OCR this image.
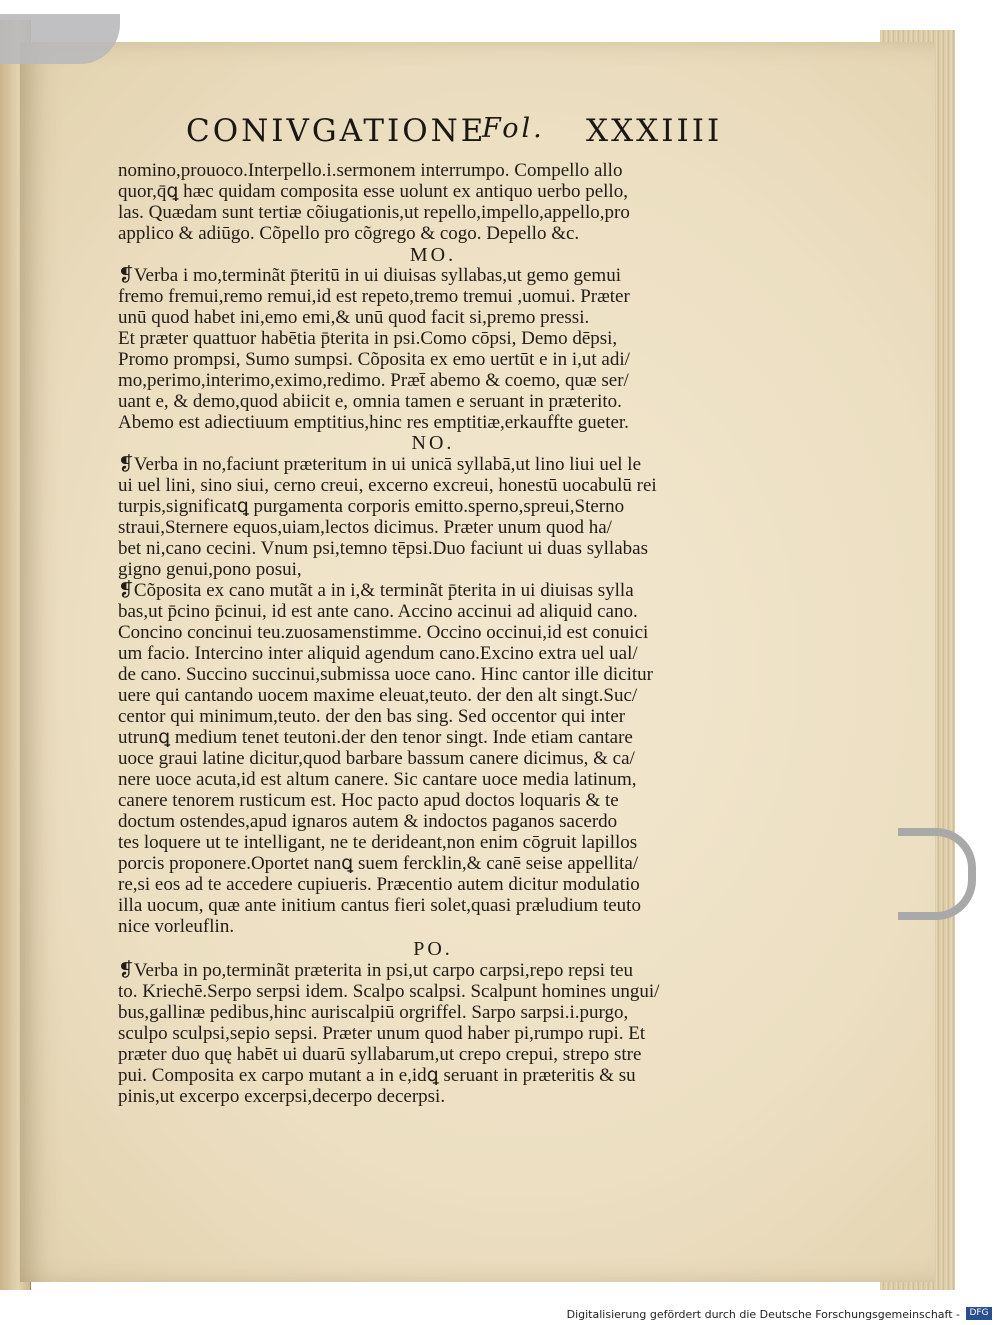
CONIVGATIONE
Fol. XXXIIII
nomino,prouoco.Interpello.i.sermonem interrumpo. Compello allo
quor,q̄ꝗ hæc quidam composita esse uolunt ex antiquo uerbo pello,
las. Quædam sunt tertiæ cõiugationis,ut repello,impello,appello,pro
applico & adiūgo. Cõpello pro cõgrego & cogo. Depello &c.
MO.
❡Verba i mo,terminãt p̄teritū in ui diuisas syllabas,ut gemo gemui
fremo fremui,remo remui,id est repeto,tremo tremui ,uomui. Præter
unū quod habet ini,emo emi,& unū quod facit si,premo pressi.
Et præter quattuor habētia p̄terita in psi.Como cōpsi, Demo dēpsi,
Promo prompsi, Sumo sumpsi. Cõposita ex emo uertūt e in i,ut adi/
mo,perimo,interimo,eximo,redimo. Præt̄ abemo & coemo, quæ ser/
uant e, & demo,quod abiicit e, omnia tamen e seruant in præterito.
Abemo est adiectiuum emptitius,hinc res emptitiæ,erkauffte gueter.
NO.
❡Verba in no,faciunt præteritum in ui unicā syllabā,ut lino liui uel le
ui uel lini, sino siui, cerno creui, excerno excreui, honestū uocabulū rei
turpis,significatꝗ purgamenta corporis emitto.sperno,spreui,Sterno
straui,Sternere equos,uiam,lectos dicimus. Præter unum quod ha/
bet ni,cano cecini. Vnum psi,temno tēpsi.Duo faciunt ui duas syllabas
gigno genui,pono posui,
❡Cõposita ex cano mutãt a in i,& terminãt p̄terita in ui diuisas sylla
bas,ut p̄cino p̄cinui, id est ante cano. Accino accinui ad aliquid cano.
Concino concinui teu.zuosamenstimme. Occino occinui,id est conuici
um facio. Intercino inter aliquid agendum cano.Excino extra uel ual/
de cano. Succino succinui,submissa uoce cano. Hinc cantor ille dicitur
uere qui cantando uocem maxime eleuat,teuto. der den alt singt.Suc/
centor qui minimum,teuto. der den bas sing. Sed occentor qui inter
utrunꝗ medium tenet teutoni.der den tenor singt. Inde etiam cantare
uoce graui latine dicitur,quod barbare bassum canere dicimus, & ca/
nere uoce acuta,id est altum canere. Sic cantare uoce media latinum,
canere tenorem rusticum est. Hoc pacto apud doctos loquaris & te
doctum ostendes,apud ignaros autem & indoctos paganos sacerdo
tes loquere ut te intelligant, ne te derideant,non enim cōgruit lapillos
porcis proponere.Oportet nanꝗ suem fercklin,& canē seise appellita/
re,si eos ad te accedere cupiueris. Præcentio autem dicitur modulatio
illa uocum, quæ ante initium cantus fieri solet,quasi præludium teuto
nice vorleuflin.
PO.
❡Verba in po,terminãt præterita in psi,ut carpo carpsi,repo repsi teu
to. Kriechē.Serpo serpsi idem. Scalpo scalpsi. Scalpunt homines ungui/
bus,gallinæ pedibus,hinc auriscalpiū orgriffel. Sarpo sarpsi.i.purgo,
sculpo sculpsi,sepio sepsi. Præter unum quod haber pi,rumpo rupi. Et
præter duo quę habēt ui duarū syllabarum,ut crepo crepui, strepo stre
pui. Composita ex carpo mutant a in e,idꝗ seruant in præteritis & su
pinis,ut excerpo excerpsi,decerpo decerpsi.
Digitalisierung gefördert durch die Deutsche Forschungsgemeinschaft -	DFG
